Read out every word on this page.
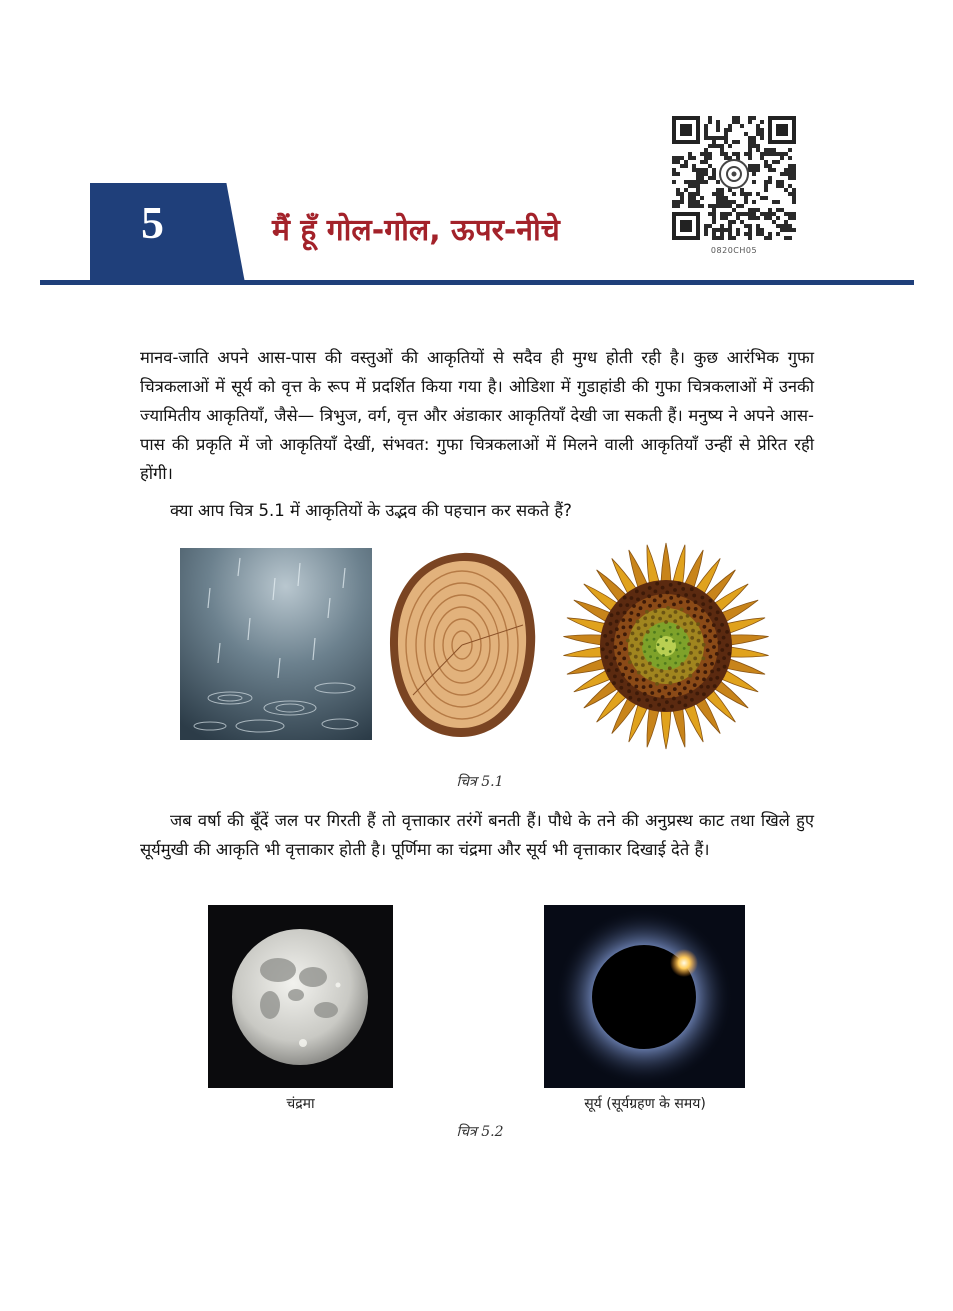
5	मैं हूँ गोल-गोल, ऊपर-नीचे
0820CH05
मानव-जाति अपने आस-पास की वस्तुओं की आकृतियों से सदैव ही मुग्ध होती रही है। कुछ आरंभिक गुफा चित्रकलाओं में सूर्य को वृत्त के रूप में प्रदर्शित किया गया है। ओडिशा में गुडाहांडी की गुफा चित्रकलाओं में उनकी ज्यामितीय आकृतियाँ, जैसे— त्रिभुज, वर्ग, वृत्त और अंडाकार आकृतियाँ देखी जा सकती हैं। मनुष्य ने अपने आस-पास की प्रकृति में जो आकृतियाँ देखीं, संभवत: गुफा चित्रकलाओं में मिलने वाली आकृतियाँ उन्हीं से प्रेरित रही होंगी।
क्या आप चित्र 5.1 में आकृतियों के उद्भव की पहचान कर सकते हैं?
चित्र 5.1
जब वर्षा की बूँदें जल पर गिरती हैं तो वृत्ताकार तरंगें बनती हैं। पौधे के तने की अनुप्रस्थ काट तथा खिले हुए सूर्यमुखी की आकृति भी वृत्ताकार होती है। पूर्णिमा का चंद्रमा और सूर्य भी वृत्ताकार दिखाई देते हैं।
चंद्रमा	सूर्य (सूर्यग्रहण के समय)
चित्र 5.2
